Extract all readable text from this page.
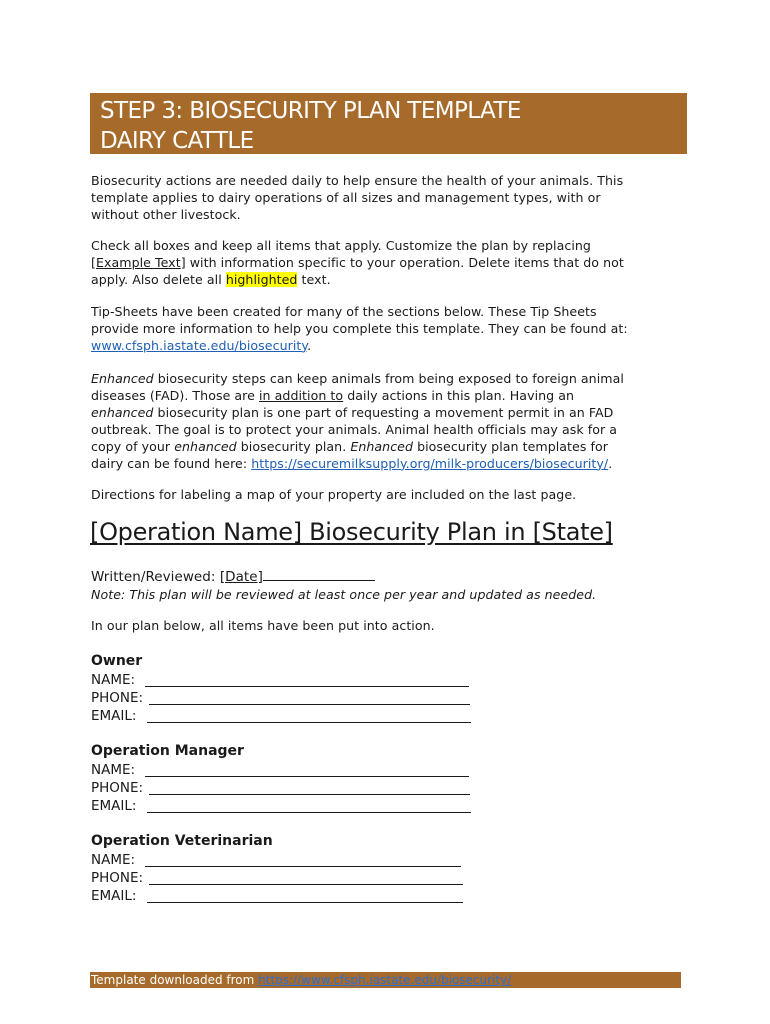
STEP 3: BIOSECURITY PLAN TEMPLATE
DAIRY CATTLE
Biosecurity actions are needed daily to help ensure the health of your animals. This
template applies to dairy operations of all sizes and management types, with or
without other livestock.
Check all boxes and keep all items that apply. Customize the plan by replacing
[Example Text] with information specific to your operation. Delete items that do not
apply. Also delete all highlighted text.
Tip-Sheets have been created for many of the sections below. These Tip Sheets
provide more information to help you complete this template. They can be found at:
www.cfsph.iastate.edu/biosecurity.
Enhanced biosecurity steps can keep animals from being exposed to foreign animal
diseases (FAD). Those are in addition to daily actions in this plan. Having an
enhanced biosecurity plan is one part of requesting a movement permit in an FAD
outbreak. The goal is to protect your animals. Animal health officials may ask for a
copy of your enhanced biosecurity plan. Enhanced biosecurity plan templates for
dairy can be found here: https://securemilksupply.org/milk-producers/biosecurity/.
Directions for labeling a map of your property are included on the last page.
[Operation Name] Biosecurity Plan in [State]
Written/Reviewed: [Date]
Note: This plan will be reviewed at least once per year and updated as needed.
In our plan below, all items have been put into action.
Owner
NAME:
PHONE:
EMAIL:
Operation Manager
NAME:
PHONE:
EMAIL:
Operation Veterinarian
NAME:
PHONE:
EMAIL:
Template downloaded from https://www.cfsph.iastate.edu/biosecurity/
